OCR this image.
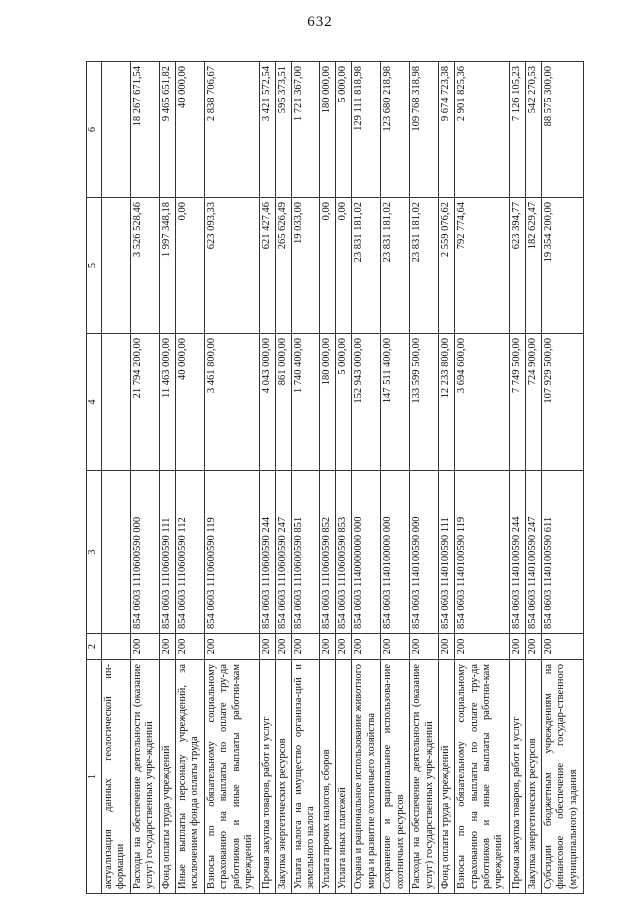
632
1	2	3	4	5	6
актуализация данных геологической ин-формации					
Расходы на обеспечение деятельности (оказание услуг) государственных учре-ждений	200	854 0603 1110600590 000	21 794 200,00	3 526 528,46	18 267 671,54
Фонд оплаты труда учреждений	200	854 0603 1110600590 111	11 463 000,00	1 997 348,18	9 465 651,82
Иные выплаты персоналу учреждений, за исключением фонда оплаты труда	200	854 0603 1110600590 112	40 000,00	0,00	40 000,00
Взносы по обязательному социальному страхованию на выплаты по оплате тру-да работников и иные выплаты работни-кам учреждений	200	854 0603 1110600590 119	3 461 800,00	623 093,33	2 838 706,67
Прочая закупка товаров, работ и услуг	200	854 0603 1110600590 244	4 043 000,00	621 427,46	3 421 572,54
Закупка энергетических ресурсов	200	854 0603 1110600590 247	861 000,00	265 626,49	595 373,51
Уплата налога на имущество организа-ций и земельного налога	200	854 0603 1110600590 851	1 740 400,00	19 033,00	1 721 367,00
Уплата прочих налогов, сборов	200	854 0603 1110600590 852	180 000,00	0,00	180 000,00
Уплата иных платежей	200	854 0603 1110600590 853	5 000,00	0,00	5 000,00
Охрана и рациональное использование животного мира и развитие охотничьего хозяйства	200	854 0603 1140000000 000	152 943 000,00	23 831 181,02	129 111 818,98
Сохранение и рациональное использова-ние охотничьих ресурсов	200	854 0603 1140100000 000	147 511 400,00	23 831 181,02	123 680 218,98
Расходы на обеспечение деятельности (оказание услуг) государственных учре-ждений	200	854 0603 1140100590 000	133 599 500,00	23 831 181,02	109 768 318,98
Фонд оплаты труда учреждений	200	854 0603 1140100590 111	12 233 800,00	2 559 076,62	9 674 723,38
Взносы по обязательному социальному страхованию на выплаты по оплате тру-да работников и иные выплаты работни-кам учреждений	200	854 0603 1140100590 119	3 694 600,00	792 774,64	2 901 825,36
Прочая закупка товаров, работ и услуг	200	854 0603 1140100590 244	7 749 500,00	623 394,77	7 126 105,23
Закупка энергетических ресурсов	200	854 0603 1140100590 247	724 900,00	182 629,47	542 270,53
Субсидии бюджетным учреждениям на финансовое обеспечение государ-ственного (муниципального) задания	200	854 0603 1140100590 611	107 929 500,00	19 354 200,00	88 575 300,00
